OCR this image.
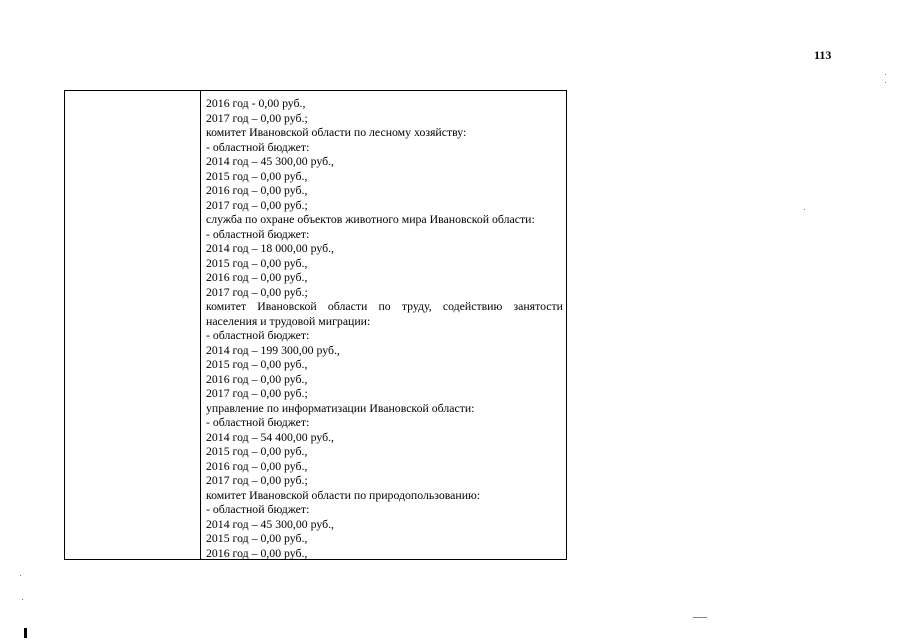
113
2016 год - 0,00 руб.,
2017 год – 0,00 руб.;
комитет Ивановской области по лесному хозяйству:
- областной бюджет:
2014 год – 45 300,00 руб.,
2015 год – 0,00 руб.,
2016 год – 0,00 руб.,
2017 год – 0,00 руб.;
служба по охране объектов животного мира Ивановской области:
- областной бюджет:
2014 год – 18 000,00 руб.,
2015 год – 0,00 руб.,
2016 год – 0,00 руб.,
2017 год – 0,00 руб.;
комитет Ивановской области по труду, содействию занятости
населения и трудовой миграции:
- областной бюджет:
2014 год – 199 300,00 руб.,
2015 год – 0,00 руб.,
2016 год – 0,00 руб.,
2017 год – 0,00 руб.;
управление по информатизации Ивановской области:
- областной бюджет:
2014 год – 54 400,00 руб.,
2015 год – 0,00 руб.,
2016 год – 0,00 руб.,
2017 год – 0,00 руб.;
комитет Ивановской области по природопользованию:
- областной бюджет:
2014 год – 45 300,00 руб.,
2015 год – 0,00 руб.,
2016 год – 0,00 руб.,
